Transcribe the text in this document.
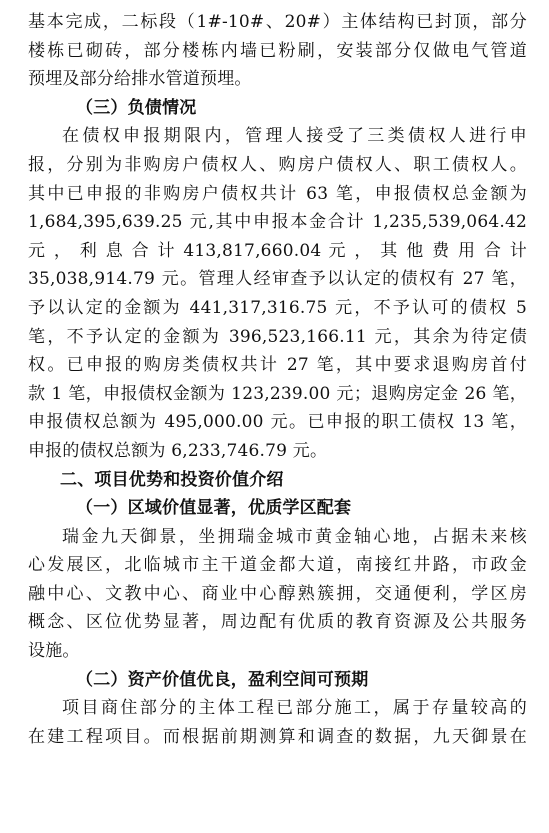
基本完成，二标段（1#-10#、20#）主体结构已封顶，部分
楼栋已砌砖，部分楼栋内墙已粉刷，安装部分仅做电气管道
预埋及部分给排水管道预埋。
（三）负债情况
在债权申报期限内，管理人接受了三类债权人进行申
报，分别为非购房户债权人、购房户债权人、职工债权人。
其中已申报的非购房户债权共计 63 笔，申报债权总金额为
1,684,395,639.25 元,其中申报本金合计 1,235,539,064.42
元 ， 利 息 合 计 413,817,660.04 元 ， 其 他 费 用 合 计
35,038,914.79 元。管理人经审查予以认定的债权有 27 笔，
予以认定的金额为 441,317,316.75 元，不予认可的债权 5
笔，不予认定的金额为 396,523,166.11 元，其余为待定债
权。已申报的购房类债权共计 27 笔，其中要求退购房首付
款 1 笔，申报债权金额为 123,239.00 元；退购房定金 26 笔，
申报债权总额为 495,000.00 元。已申报的职工债权 13 笔，
申报的债权总额为 6,233,746.79 元。
二、项目优势和投资价值介绍
（一）区域价值显著，优质学区配套
瑞金九天御景，坐拥瑞金城市黄金轴心地，占据未来核
心发展区，北临城市主干道金都大道，南接红井路，市政金
融中心、文教中心、商业中心醇熟簇拥，交通便利，学区房
概念、区位优势显著，周边配有优质的教育资源及公共服务
设施。
（二）资产价值优良，盈利空间可预期
项目商住部分的主体工程已部分施工，属于存量较高的
在建工程项目。而根据前期测算和调查的数据，九天御景在
